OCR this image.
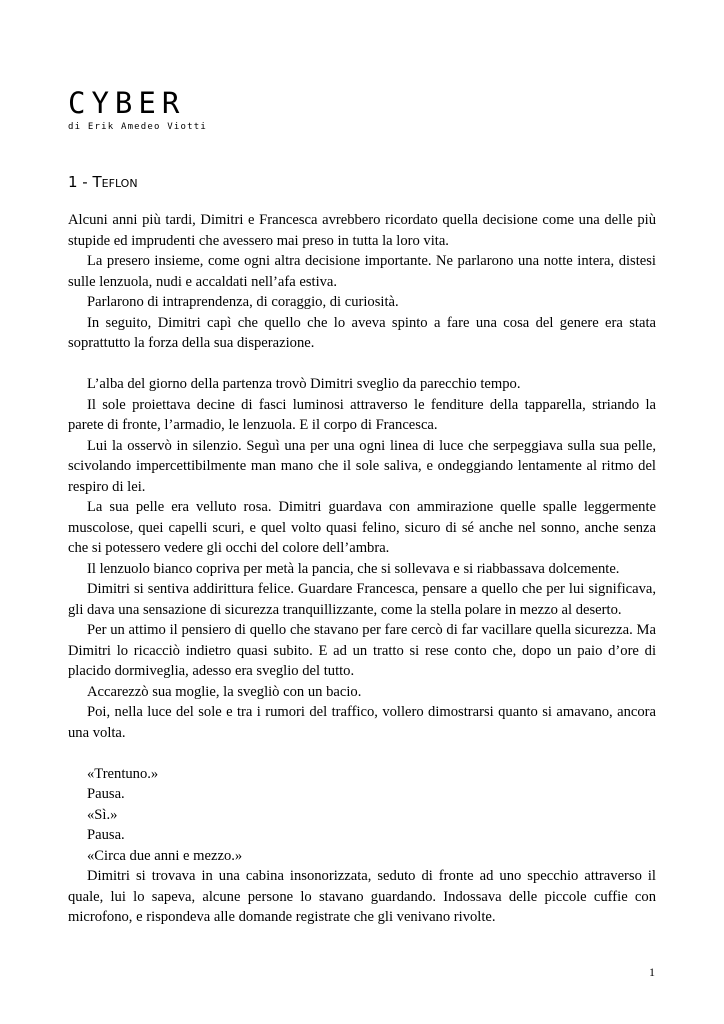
CYBER
di Erik Amedeo Viotti
1 - TEFLON

Alcuni anni più tardi, Dimitri e Francesca avrebbero ricordato quella decisione come una delle più stupide ed imprudenti che avessero mai preso in tutta la loro vita.

La presero insieme, come ogni altra decisione importante. Ne parlarono una notte intera, distesi sulle lenzuola, nudi e accaldati nell’afa estiva.

Parlarono di intraprendenza, di coraggio, di curiosità.

In seguito, Dimitri capì che quello che lo aveva spinto a fare una cosa del genere era stata soprattutto la forza della sua disperazione.

L’alba del giorno della partenza trovò Dimitri sveglio da parecchio tempo.

Il sole proiettava decine di fasci luminosi attraverso le fenditure della tapparella, striando la parete di fronte, l’armadio, le lenzuola. E il corpo di Francesca.

Lui la osservò in silenzio. Seguì una per una ogni linea di luce che serpeggiava sulla sua pelle, scivolando impercettibilmente man mano che il sole saliva, e ondeggiando lentamente al ritmo del respiro di lei.

La sua pelle era velluto rosa. Dimitri guardava con ammirazione quelle spalle leggermente muscolose, quei capelli scuri, e quel volto quasi felino, sicuro di sé anche nel sonno, anche senza che si potessero vedere gli occhi del colore dell’ambra.

Il lenzuolo bianco copriva per metà la pancia, che si sollevava e si riabbassava dolcemente.

Dimitri si sentiva addirittura felice. Guardare Francesca, pensare a quello che per lui significava, gli dava una sensazione di sicurezza tranquillizzante, come la stella polare in mezzo al deserto.

Per un attimo il pensiero di quello che stavano per fare cercò di far vacillare quella sicurezza. Ma Dimitri lo ricacciò indietro quasi subito. E ad un tratto si rese conto che, dopo un paio d’ore di placido dormiveglia, adesso era sveglio del tutto.

Accarezzò sua moglie, la svegliò con un bacio.

Poi, nella luce del sole e tra i rumori del traffico, vollero dimostrarsi quanto si amavano, ancora una volta.

«Trentuno.»

Pausa.

«Sì.»

Pausa.

«Circa due anni e mezzo.»

Dimitri si trovava in una cabina insonorizzata, seduto di fronte ad uno specchio attraverso il quale, lui lo sapeva, alcune persone lo stavano guardando. Indossava delle piccole cuffie con microfono, e rispondeva alle domande registrate che gli venivano rivolte.

1
